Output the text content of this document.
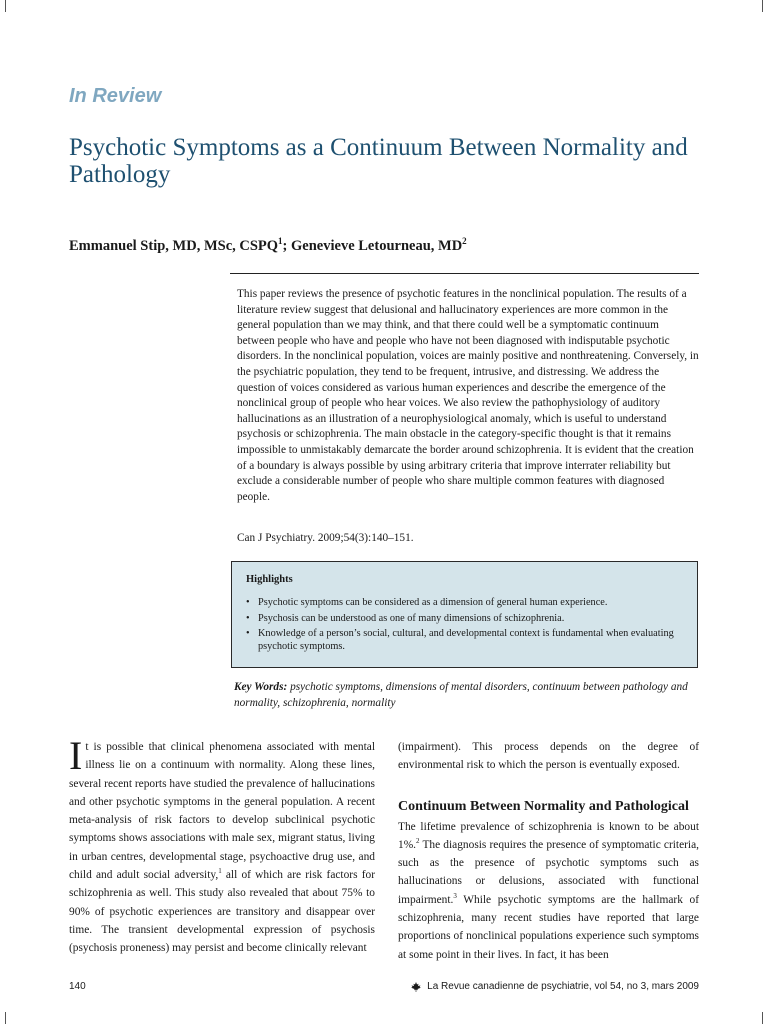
In Review
Psychotic Symptoms as a Continuum Between Normality and Pathology
Emmanuel Stip, MD, MSc, CSPQ$^1$; Genevieve Letourneau, $MD^2$

This paper reviews the presence of psychotic features in the nonclinical population. The results of a literature review suggest that delusional and hallucinatory experiences are more common in the general population than we may think, and that there could well be a symptomatic continuum between people who have and people who have not been diagnosed with indisputable psychotic disorders. In the nonclinical population, voices are mainly positive and nonthreatening. Conversely, in the psychiatric population, they tend to be frequent, intrusive, and distressing. We address the question of voices considered as various human experiences and describe the emergence of the nonclinical group of people who hear voices. We also review the pathophysiology of auditory hallucinations as an illustration of a neurophysiological anomaly, which is useful to understand psychosis or schizophrenia. The main obstacle in the category-specific thought is that it remains impossible to unmistakably demarcate the border around schizophrenia. It is evident that the creation of a boundary is always possible by using arbitrary criteria that improve interrater reliability but exclude a considerable number of people who share multiple common features with diagnosed people.

Can J Psychiatry. 2009;54(3):140–151.

Highlights

• Psychotic symptoms can be considered as a dimension of general human experience.
• Psychosis can be understood as one of many dimensions of schizophrenia.
• Knowledge of a person’s social, cultural, and developmental context is fundamental when evaluating psychotic symptoms.
Key Words: psychotic symptoms, dimensions of mental disorders, continuum between pathology and normality, schizophrenia, normality

It is possible that clinical phenomena associated with mental illness lie on a continuum with normality. Along these lines, several recent reports have studied the prevalence of hallucinations and other psychotic symptoms in the general population. A recent meta-analysis of risk factors to develop subclinical psychotic symptoms shows associations with male sex, migrant status, living in urban centres, developmental stage, psychoactive drug use, and child and adult social adversity,$^1$ all of which are risk factors for schizophrenia as well. This study also revealed that about 75% to 90% of psychotic experiences are transitory and disappear over time. The transient developmental expression of psychosis (psychosis proneness) may persist and become clinically relevant

(impairment). This process depends on the degree of environmental risk to which the person is eventually exposed.

Continuum Between Normality and Pathological

The lifetime prevalence of schizophrenia is known to be about 1%.$^2$ The diagnosis requires the presence of symptomatic criteria, such as the presence of psychotic symptoms such as hallucinations or delusions, associated with functional impairment.$^3$ While psychotic symptoms are the hallmark of schizophrenia, many recent studies have reported that large proportions of nonclinical populations experience such symptoms at some point in their lives. In fact, it has been

140	La Revue canadienne de psychiatrie, vol 54, no 3, mars 2009
